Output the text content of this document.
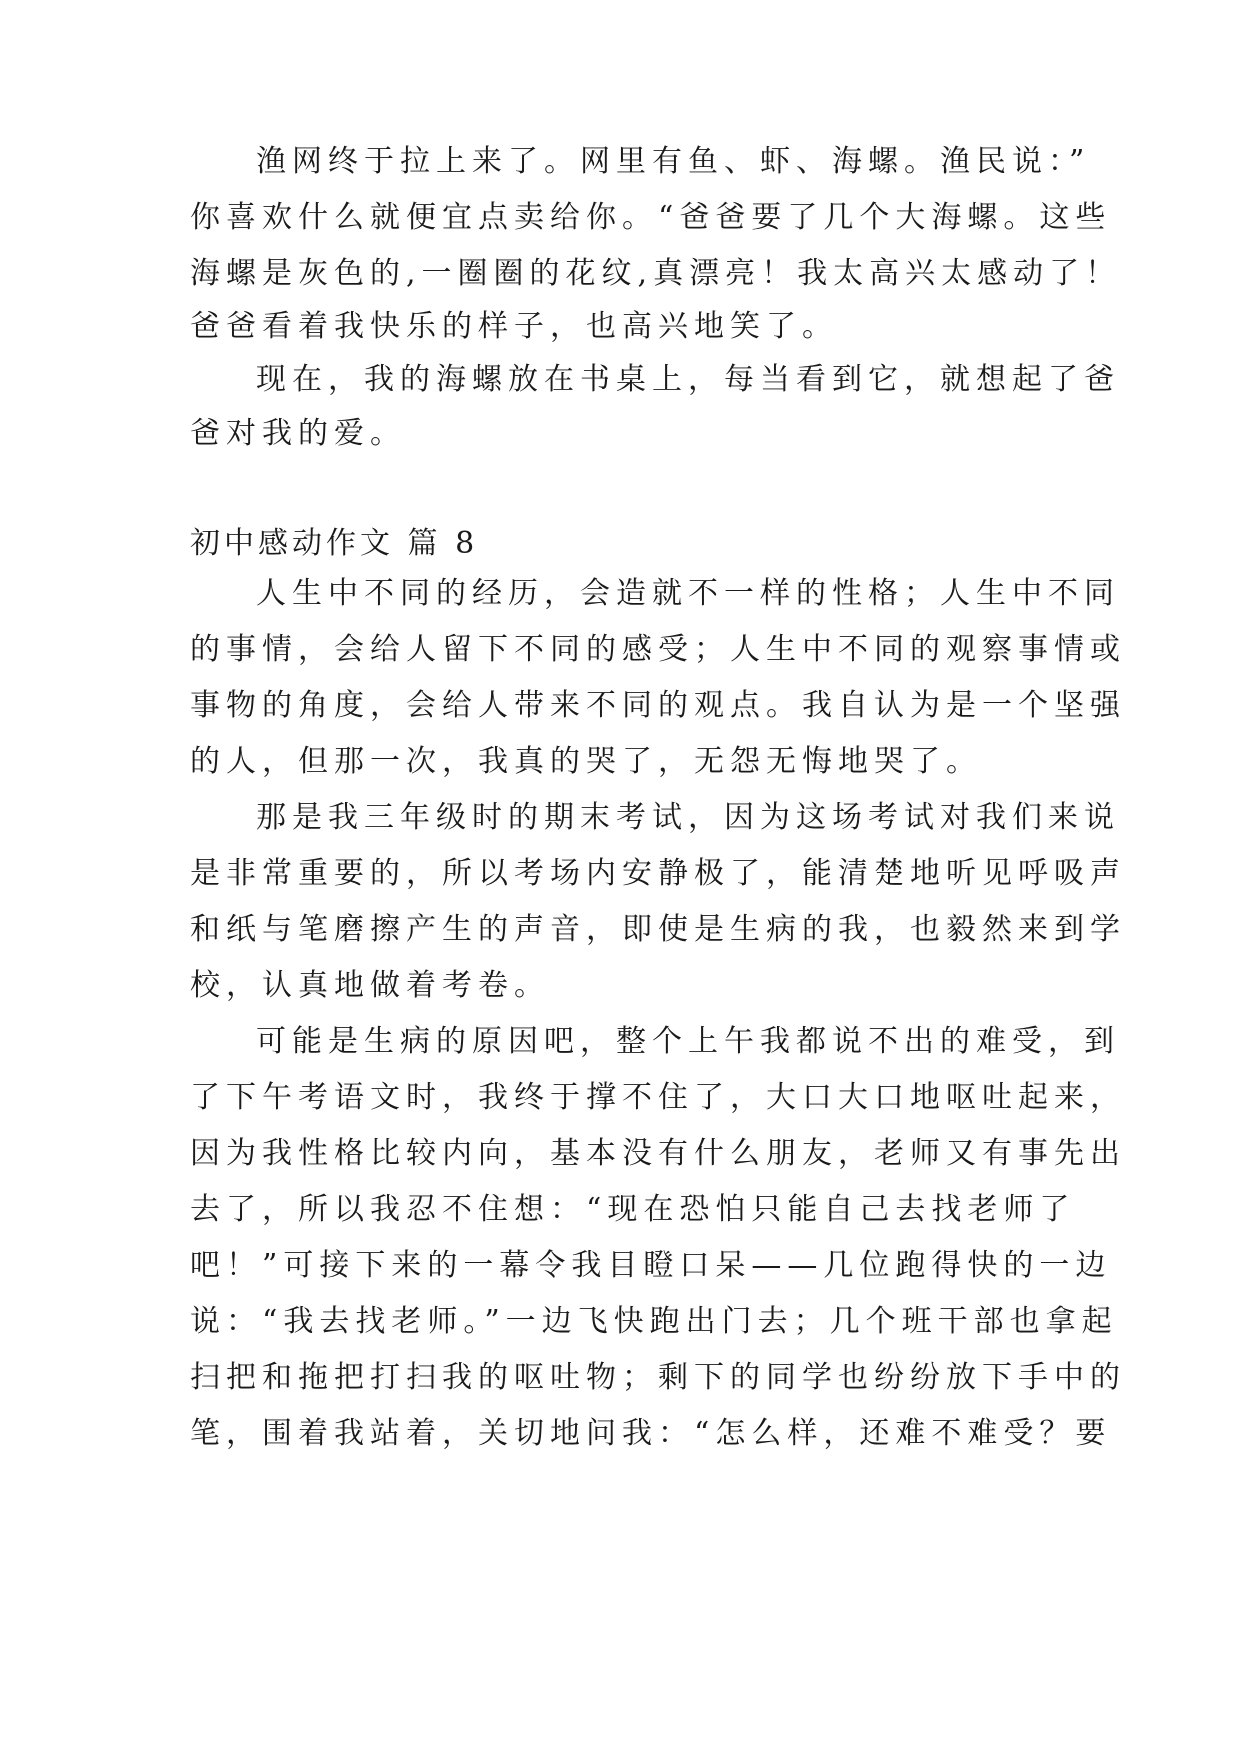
渔网终于拉上来了。网里有鱼、虾、海螺。渔民说：”
你喜欢什么就便宜点卖给你。“爸爸要了几个大海螺。这些
海螺是灰色的,一圈圈的花纹,真漂亮！我太高兴太感动了！
爸爸看着我快乐的样子，也高兴地笑了。
现在，我的海螺放在书桌上，每当看到它，就想起了爸
爸对我的爱。
初中感动作文 篇 8
人生中不同的经历，会造就不一样的性格；人生中不同
的事情，会给人留下不同的感受；人生中不同的观察事情或
事物的角度，会给人带来不同的观点。我自认为是一个坚强
的人，但那一次，我真的哭了，无怨无悔地哭了。
那是我三年级时的期末考试，因为这场考试对我们来说
是非常重要的，所以考场内安静极了，能清楚地听见呼吸声
和纸与笔磨擦产生的声音，即使是生病的我，也毅然来到学
校，认真地做着考卷。
可能是生病的原因吧，整个上午我都说不出的难受，到
了下午考语文时，我终于撑不住了，大口大口地呕吐起来，
因为我性格比较内向，基本没有什么朋友，老师又有事先出
去了，所以我忍不住想：“现在恐怕只能自己去找老师了
吧！”可接下来的一幕令我目瞪口呆——几位跑得快的一边
说：“我去找老师。”一边飞快跑出门去；几个班干部也拿起
扫把和拖把打扫我的呕吐物；剩下的同学也纷纷放下手中的
笔，围着我站着，关切地问我：“怎么样，还难不难受？要
